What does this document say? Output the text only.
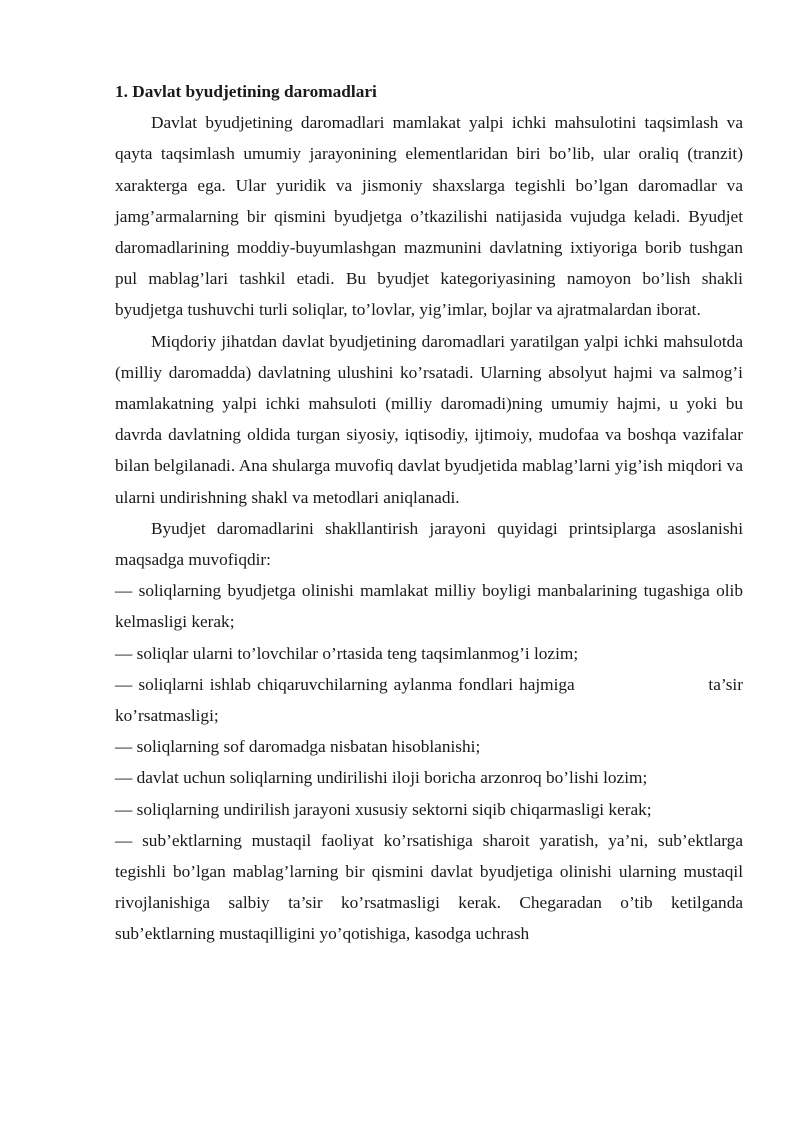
1. Davlat byudjetining daromadlari

Davlat byudjetining daromadlari mamlakat yalpi ichki mahsulotini taqsimlash va qayta taqsimlash umumiy jarayonining elementlaridan biri bo’lib, ular oraliq (tranzit) xarakterga ega. Ular yuridik va jismoniy shaxslarga tegishli bo’lgan daromadlar va jamg’armalarning bir qismini byudjetga o’tkazilishi natijasida vujudga keladi. Byudjet daromadlarining moddiy-buyumlashgan mazmunini davlatning ixtiyoriga borib tushgan pul mablag’lari tashkil etadi. Bu byudjet kategoriyasining namoyon bo’lish shakli byudjetga tushuvchi turli soliqlar, to’lovlar, yig’imlar, bojlar va ajratmalardan iborat.

Miqdoriy jihatdan davlat byudjetining daromadlari yaratilgan yalpi ichki mahsulotda (milliy daromadda) davlatning ulushini ko’rsatadi. Ularning absolyut hajmi va salmog’i mamlakatning yalpi ichki mahsuloti (milliy daromadi)ning umumiy hajmi, u yoki bu davrda davlatning oldida turgan siyosiy, iqtisodiy, ijtimoiy, mudofaa va boshqa vazifalar bilan belgilanadi. Ana shularga muvofiq davlat byudjetida mablag’larni yig’ish miqdori va ularni undirishning shakl va metodlari aniqlanadi.

Byudjet daromadlarini shakllantirish jarayoni quyidagi printsiplarga asoslanishi maqsadga muvofiqdir:

— soliqlarning byudjetga olinishi mamlakat milliy boyligi manbalarining tugashiga olib kelmasligi kerak;

— soliqlar ularni to’lovchilar o’rtasida teng taqsimlanmog’i lozim;

— soliqlarni ishlab chiqaruvchilarning aylanma fondlari hajmiga                      ta’sir ko’rsatmasligi;

— soliqlarning sof daromadga nisbatan hisoblanishi;

— davlat uchun soliqlarning undirilishi iloji boricha arzonroq bo’lishi lozim;

— soliqlarning undirilish jarayoni xususiy sektorni siqib chiqarmasligi kerak;

— sub’ektlarning mustaqil faoliyat ko’rsatishiga sharoit yaratish, ya’ni, sub’ektlarga tegishli bo’lgan mablag’larning bir qismini davlat byudjetiga olinishi ularning mustaqil rivojlanishiga salbiy ta’sir ko’rsatmasligi kerak. Chegaradan o’tib ketilganda sub’ektlarning mustaqilligini yo’qotishiga, kasodga uchrash
